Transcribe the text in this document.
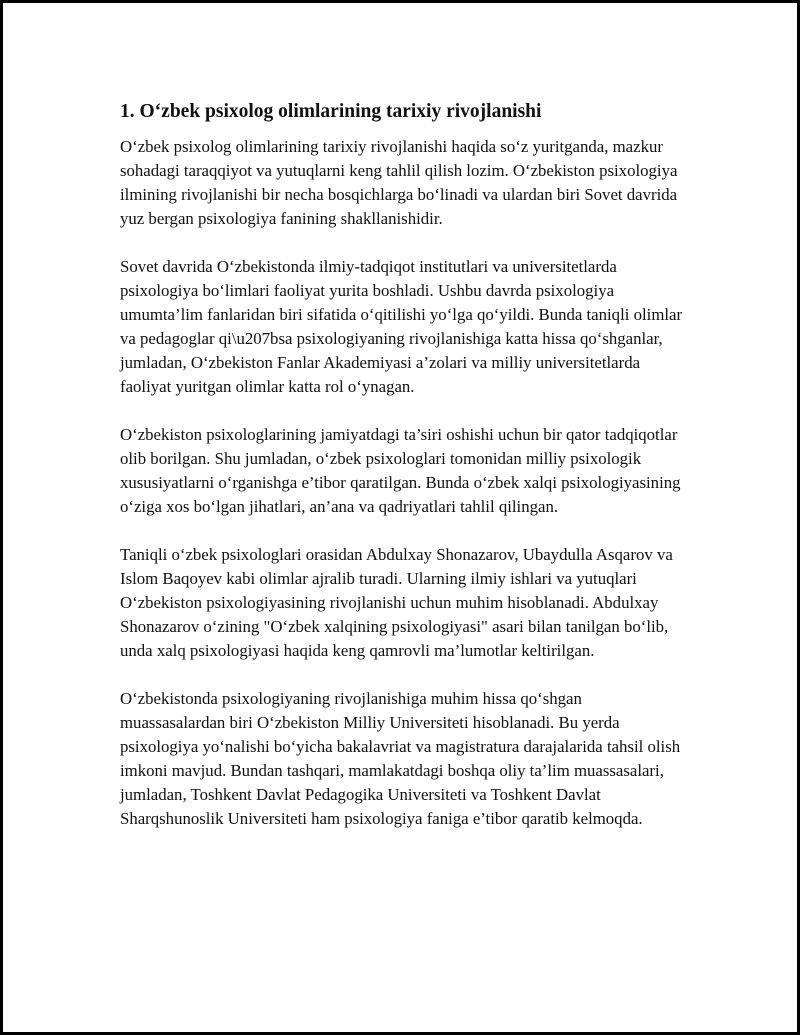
1. O‘zbek psixolog olimlarining tarixiy rivojlanishi

O‘zbek psixolog olimlarining tarixiy rivojlanishi haqida so‘z yuritganda, mazkur sohadagi taraqqiyot va yutuqlarni keng tahlil qilish lozim. O‘zbekiston psixologiya ilmining rivojlanishi bir necha bosqichlarga bo‘linadi va ulardan biri Sovet davrida yuz bergan psixologiya fanining shakllanishidir.

Sovet davrida O‘zbekistonda ilmiy-tadqiqot institutlari va universitetlarda psixologiya bo‘limlari faoliyat yurita boshladi. Ushbu davrda psixologiya umumta’lim fanlaridan biri sifatida o‘qitilishi yo‘lga qo‘yildi. Bunda taniqli olimlar va pedagoglar qi\u207bsa psixologiyaning rivojlanishiga katta hissa qo‘shganlar, jumladan, O‘zbekiston Fanlar Akademiyasi a’zolari va milliy universitetlarda faoliyat yuritgan olimlar katta rol o‘ynagan.

O‘zbekiston psixologlarining jamiyatdagi ta’siri oshishi uchun bir qator tadqiqotlar olib borilgan. Shu jumladan, o‘zbek psixologlari tomonidan milliy psixologik xususiyatlarni o‘rganishga e’tibor qaratilgan. Bunda o‘zbek xalqi psixologiyasining o‘ziga xos bo‘lgan jihatlari, an’ana va qadriyatlari tahlil qilingan.

Taniqli o‘zbek psixologlari orasidan Abdulxay Shonazarov, Ubaydulla Asqarov va Islom Baqoyev kabi olimlar ajralib turadi. Ularning ilmiy ishlari va yutuqlari O‘zbekiston psixologiyasining rivojlanishi uchun muhim hisoblanadi. Abdulxay Shonazarov o‘zining "O‘zbek xalqining psixologiyasi" asari bilan tanilgan bo‘lib, unda xalq psixologiyasi haqida keng qamrovli ma’lumotlar keltirilgan.

O‘zbekistonda psixologiyaning rivojlanishiga muhim hissa qo‘shgan muassasalardan biri O‘zbekiston Milliy Universiteti hisoblanadi. Bu yerda psixologiya yo‘nalishi bo‘yicha bakalavriat va magistratura darajalarida tahsil olish imkoni mavjud. Bundan tashqari, mamlakatdagi boshqa oliy ta’lim muassasalari, jumladan, Toshkent Davlat Pedagogika Universiteti va Toshkent Davlat Sharqshunoslik Universiteti ham psixologiya faniga e’tibor qaratib kelmoqda.
